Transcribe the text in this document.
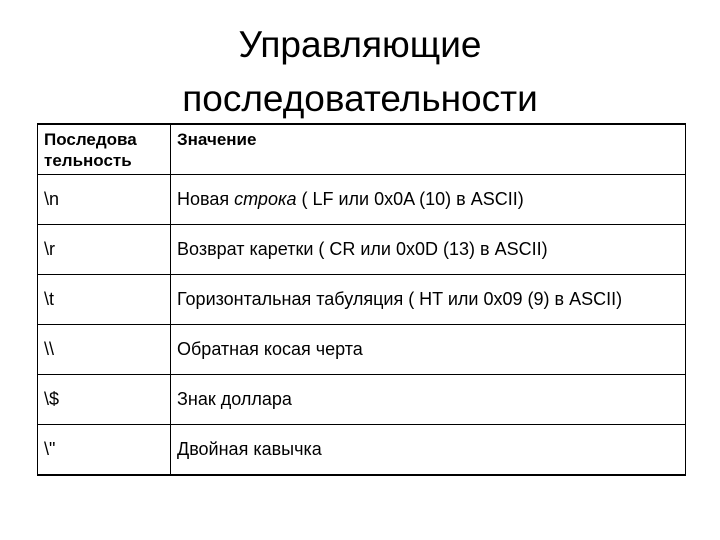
Управляющие
последовательности
Последова
тельность	Значение
\n	Новая строка ( LF или 0x0A (10) в ASCII)
\r	Возврат каретки ( CR или 0x0D (13) в ASCII)
\t	Горизонтальная табуляция ( HT или 0x09 (9) в ASCII)
\\	Обратная косая черта
\$	Знак доллара
\"	Двойная кавычка
